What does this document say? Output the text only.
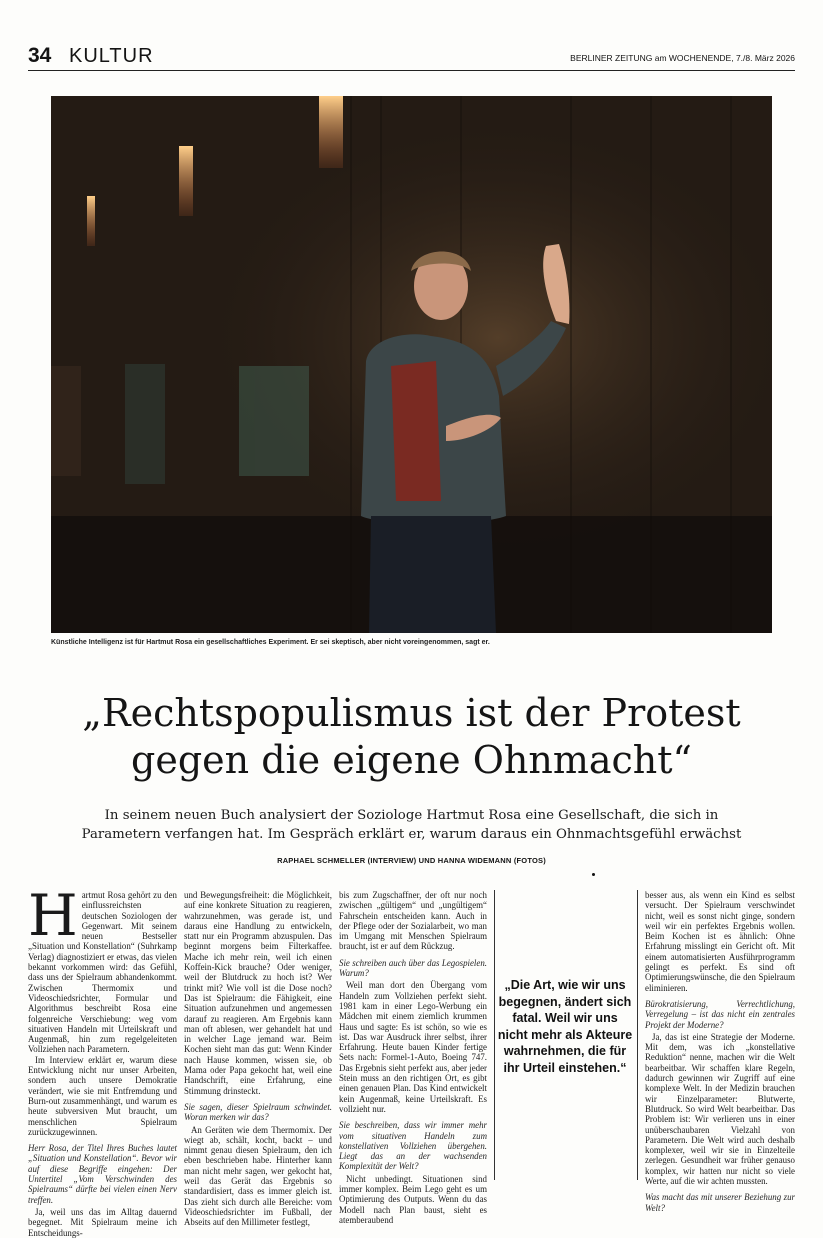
34 KULTUR	BERLINER ZEITUNG am WOCHENENDE, 7./8. März 2026
Künstliche Intelligenz ist für Hartmut Rosa ein gesellschaftliches Experiment. Er sei skeptisch, aber nicht voreingenommen, sagt er.
„Rechtspopulismus ist der Protest
gegen die eigene Ohnmacht“
In seinem neuen Buch analysiert der Soziologe Hartmut Rosa eine Gesellschaft, die sich in Parametern verfangen hat. Im Gespräch erklärt er, warum daraus ein Ohnmachtsgefühl erwächst
RAPHAEL SCHMELLER (INTERVIEW) UND HANNA WIDEMANN (FOTOS)
H artmut Rosa gehört zu den einflussreichsten deutschen Soziologen der Gegenwart. Mit seinem neuen Bestseller „Situation und Konstellation“ (Suhrkamp Verlag) diagnostiziert er etwas, das vielen bekannt vorkommen wird: das Gefühl, dass uns der Spielraum abhandenkommt. Zwischen Thermomix und Videoschiedsrichter, Formular und Algorithmus beschreibt Rosa eine folgenreiche Verschiebung: weg vom situativen Handeln mit Urteilskraft und Augenmaß, hin zum regelgeleiteten Vollziehen nach Parametern.

Im Interview erklärt er, warum diese Entwicklung nicht nur unser Arbeiten, sondern auch unsere Demokratie verändert, wie sie mit Entfremdung und Burn-out zusammenhängt, und warum es heute subversiven Mut braucht, um menschlichen Spielraum zurückzugewinnen.

Herr Rosa, der Titel Ihres Buches lautet „Situation und Konstellation“. Bevor wir auf diese Begriffe eingehen: Der Untertitel „Vom Verschwinden des Spielraums“ dürfte bei vielen einen Nerv treffen.

Ja, weil uns das im Alltag dauernd begegnet. Mit Spielraum meine ich Entscheidungs-

und Bewegungsfreiheit: die Möglichkeit, auf eine konkrete Situation zu reagieren, wahrzunehmen, was gerade ist, und daraus eine Handlung zu entwickeln, statt nur ein Programm abzuspulen. Das beginnt morgens beim Filterkaffee. Mache ich mehr rein, weil ich einen Koffein-Kick brauche? Oder weniger, weil der Blutdruck zu hoch ist? Wer trinkt mit? Wie voll ist die Dose noch? Das ist Spielraum: die Fähigkeit, eine Situation aufzunehmen und angemessen darauf zu reagieren. Am Ergebnis kann man oft ablesen, wer gehandelt hat und in welcher Lage jemand war. Beim Kochen sieht man das gut: Wenn Kinder nach Hause kommen, wissen sie, ob Mama oder Papa gekocht hat, weil eine Handschrift, eine Erfahrung, eine Stimmung drinsteckt.

Sie sagen, dieser Spielraum schwindet. Woran merken wir das?

An Geräten wie dem Thermomix. Der wiegt ab, schält, kocht, backt – und nimmt genau diesen Spielraum, den ich eben beschrieben habe. Hinterher kann man nicht mehr sagen, wer gekocht hat, weil das Gerät das Ergebnis so standardisiert, dass es immer gleich ist. Das zieht sich durch alle Bereiche: vom Videoschiedsrichter im Fußball, der Abseits auf den Millimeter festlegt,

bis zum Zugschaffner, der oft nur noch zwischen „gültigem“ und „ungültigem“ Fahrschein entscheiden kann. Auch in der Pflege oder der Sozialarbeit, wo man im Umgang mit Menschen Spielraum braucht, ist er auf dem Rückzug.

Sie schreiben auch über das Legospielen. Warum?

Weil man dort den Übergang vom Handeln zum Vollziehen perfekt sieht. 1981 kam in einer Lego-Werbung ein Mädchen mit einem ziemlich krummen Haus und sagte: Es ist schön, so wie es ist. Das war Ausdruck ihrer selbst, ihrer Erfahrung. Heute bauen Kinder fertige Sets nach: Formel-1-Auto, Boeing 747. Das Ergebnis sieht perfekt aus, aber jeder Stein muss an den richtigen Ort, es gibt einen genauen Plan. Das Kind entwickelt kein Augenmaß, keine Urteilskraft. Es vollzieht nur.

Sie beschreiben, dass wir immer mehr vom situativen Handeln zum konstellativen Vollziehen übergehen. Liegt das an der wachsenden Komplexität der Welt?

Nicht unbedingt. Situationen sind immer komplex. Beim Lego geht es um Optimierung des Outputs. Wenn du das Modell nach Plan baust, sieht es atemberaubend

„Die Art, wie wir uns begegnen, ändert sich fatal. Weil wir uns nicht mehr als Akteure wahrnehmen, die für ihr Urteil einstehen.“

besser aus, als wenn ein Kind es selbst versucht. Der Spielraum verschwindet nicht, weil es sonst nicht ginge, sondern weil wir ein perfektes Ergebnis wollen. Beim Kochen ist es ähnlich: Ohne Erfahrung misslingt ein Gericht oft. Mit einem automatisierten Ausführprogramm gelingt es perfekt. Es sind oft Optimierungswünsche, die den Spielraum eliminieren.

Bürokratisierung, Verrechtlichung, Verregelung – ist das nicht ein zentrales Projekt der Moderne?

Ja, das ist eine Strategie der Moderne. Mit dem, was ich „konstellative Reduktion“ nenne, machen wir die Welt bearbeitbar. Wir schaffen klare Regeln, dadurch gewinnen wir Zugriff auf eine komplexe Welt. In der Medizin brauchen wir Einzelparameter: Blutwerte, Blutdruck. So wird Welt bearbeitbar. Das Problem ist: Wir verlieren uns in einer unüberschaubaren Vielzahl von Parametern. Die Welt wird auch deshalb komplexer, weil wir sie in Einzelteile zerlegen. Gesundheit war früher genauso komplex, wir hatten nur nicht so viele Werte, auf die wir achten mussten.

Was macht das mit unserer Beziehung zur Welt?
